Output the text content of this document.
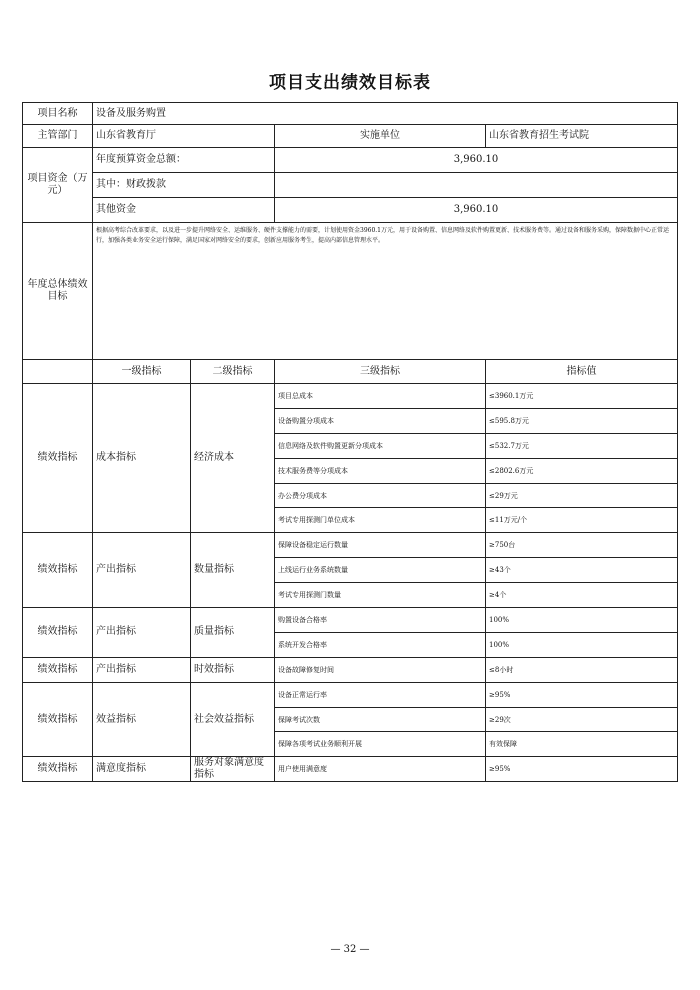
项目支出绩效目标表
项目名称	设备及服务购置			
主管部门	山东省教育厅		实施单位	山东省教育招生考试院
项目资金（万元）	年度预算资金总额：		3,960.10	
	其中：财政拨款			
	其他资金		3,960.10	
年度总体绩效目标	根据高考综合改革要求，以及进一步提升网络安全、运维服务、硬件支撑能力的需要，计划使用资金3960.1万元，用于设备购置、信息网络及软件购置更新、技术服务费等。通过设备和服务采购，保障数据中心正常运行，加强各类业务安全运行保障，满足国家对网络安全的要求，创新应用服务考生，提高内部信息管理水平。			
	一级指标	二级指标	三级指标	指标值
绩效指标	成本指标	经济成本	项目总成本	≤3960.1万元
			设备购置分项成本	≤595.8万元
			信息网络及软件购置更新分项成本	≤532.7万元
			技术服务费等分项成本	≤2802.6万元
			办公费分项成本	≤29万元
			考试专用探测门单位成本	≤11万元/个
绩效指标	产出指标	数量指标	保障设备稳定运行数量	≥750台
			上线运行业务系统数量	≥43个
			考试专用探测门数量	≥4个
绩效指标	产出指标	质量指标	购置设备合格率	100%
			系统开发合格率	100%
绩效指标	产出指标	时效指标	设备故障修复时间	≤8小时
绩效指标	效益指标	社会效益指标	设备正常运行率	≥95%
			保障考试次数	≥29次
			保障各项考试业务顺利开展	有效保障
绩效指标	满意度指标	服务对象满意度指标	用户使用满意度	≥95%
— 32 —
